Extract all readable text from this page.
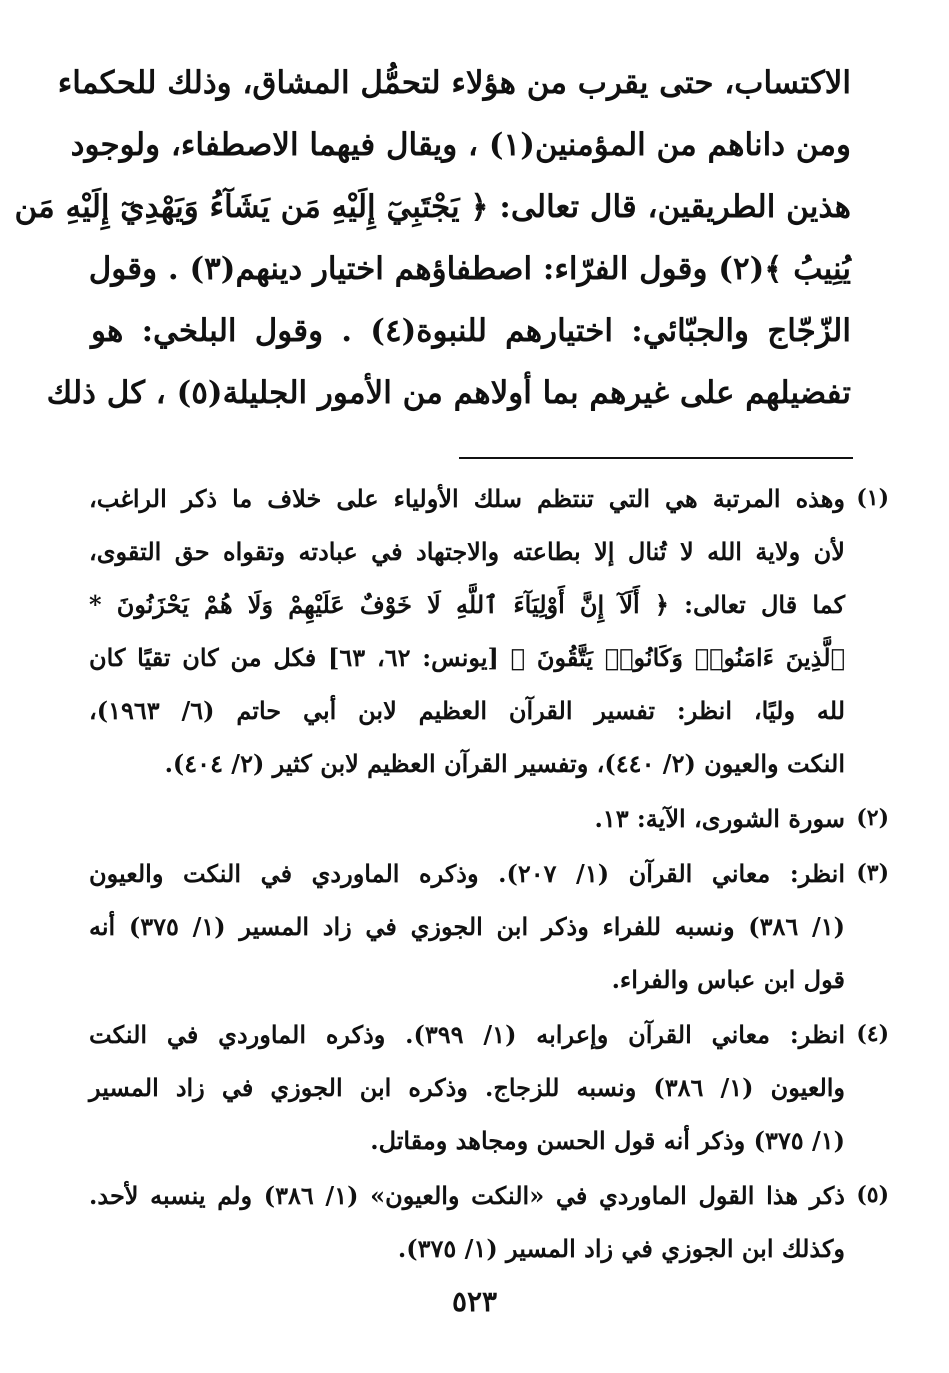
الاكتساب، حتى يقرب من هؤلاء لتحمُّل المشاق، وذلك للحكماء
ومن داناهم من المؤمنين(١) ، ويقال فيهما الاصطفاء، ولوجود
هذين الطريقين، قال تعالى: ﴿ يَجْتَبِيٓ إِلَيْهِ مَن يَشَآءُ وَيَهْدِيٓ إِلَيْهِ مَن
يُنِيبُ ﴾(٢) وقول الفرّاء: اصطفاؤهم اختيار دينهم(٣) . وقول
الزّجّاج والجبّائي: اختيارهم للنبوة(٤) . وقول البلخي: هو
تفضيلهم على غيرهم بما أولاهم من الأمور الجليلة(٥) ، كل ذلك
(١)
وهذه المرتبة هي التي تنتظم سلك الأولياء على خلاف ما ذكر الراغب،
لأن ولاية الله لا تُنال إلا بطاعته والاجتهاد في عبادته وتقواه حق التقوى،
كما قال تعالى: ﴿ أَلَآ إِنَّ أَوْلِيَآءَ ٱللَّهِ لَا خَوْفٌ عَلَيْهِمْ وَلَا هُمْ يَحْزَنُونَ *
ٱلَّذِينَ ءَامَنُوا۟ وَكَانُوا۟ يَتَّقُونَ ﴾ [يونس: ٦٢، ٦٣] فكل من كان تقيًا كان
لله وليًا، انظر: تفسير القرآن العظيم لابن أبي حاتم (٦/ ١٩٦٣)،
النكت والعيون (٢/ ٤٤٠)، وتفسير القرآن العظيم لابن كثير (٢/ ٤٠٤).
(٢)
سورة الشورى، الآية: ١٣.
(٣)
انظر: معاني القرآن (١/ ٢٠٧). وذكره الماوردي في النكت والعيون
(١/ ٣٨٦) ونسبه للفراء وذكر ابن الجوزي في زاد المسير (١/ ٣٧٥) أنه
قول ابن عباس والفراء.
(٤)
انظر: معاني القرآن وإعرابه (١/ ٣٩٩). وذكره الماوردي في النكت
والعيون (١/ ٣٨٦) ونسبه للزجاج. وذكره ابن الجوزي في زاد المسير
(١/ ٣٧٥) وذكر أنه قول الحسن ومجاهد ومقاتل.
(٥)
ذكر هذا القول الماوردي في «النكت والعيون» (١/ ٣٨٦) ولم ينسبه لأحد.
وكذلك ابن الجوزي في زاد المسير (١/ ٣٧٥).
٥٢٣
